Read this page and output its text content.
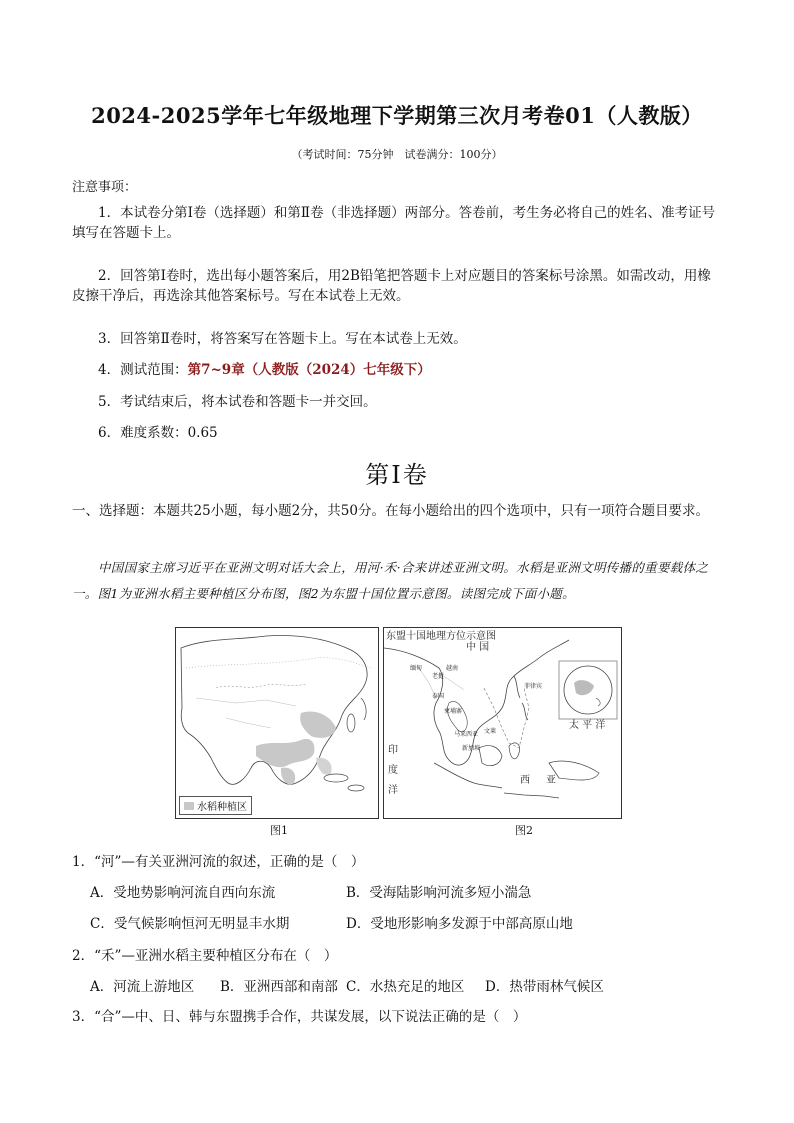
2024-2025学年七年级地理下学期第三次月考卷01（人教版）
（考试时间：75分钟　试卷满分：100分）
注意事项：
1．本试卷分第Ⅰ卷（选择题）和第Ⅱ卷（非选择题）两部分。答卷前，考生务必将自己的姓名、准考证号填写在答题卡上。
2．回答第Ⅰ卷时，选出每小题答案后，用2B铅笔把答题卡上对应题目的答案标号涂黑。如需改动，用橡皮擦干净后，再选涂其他答案标号。写在本试卷上无效。
3．回答第Ⅱ卷时，将答案写在答题卡上。写在本试卷上无效。
4．测试范围：第7~9章（人教版（2024）七年级下）
5．考试结束后，将本试卷和答题卡一并交回。
6．难度系数：0.65
第Ⅰ卷
一、选择题：本题共25小题，每小题2分，共50分。在每小题给出的四个选项中，只有一项符合题目要求。
中国国家主席习近平在亚洲文明对话大会上，用河·禾·合来讲述亚洲文明。水稻是亚洲文明传播的重要载体之一。图1为亚洲水稻主要种植区分布图，图2为东盟十国位置示意图。读图完成下面小题。
水稻种植区
图1
东盟十国地理方位示意图
中 国
太 平 洋
印
度
洋
西 亚
缅甸
老挝
越南
泰国
柬埔寨
菲律宾
马来西亚
新加坡
文莱
图2
1．“河”—有关亚洲河流的叙述，正确的是（　）
A．受地势影响河流自西向东流	B．受海陆影响河流多短小湍急
C．受气候影响恒河无明显丰水期	D．受地形影响多发源于中部高原山地
2．“禾”—亚洲水稻主要种植区分布在（　）
A．河流上游地区 B．亚洲西部和南部 C．水热充足的地区 D．热带雨林气候区
3．“合”—中、日、韩与东盟携手合作，共谋发展，以下说法正确的是（　）
